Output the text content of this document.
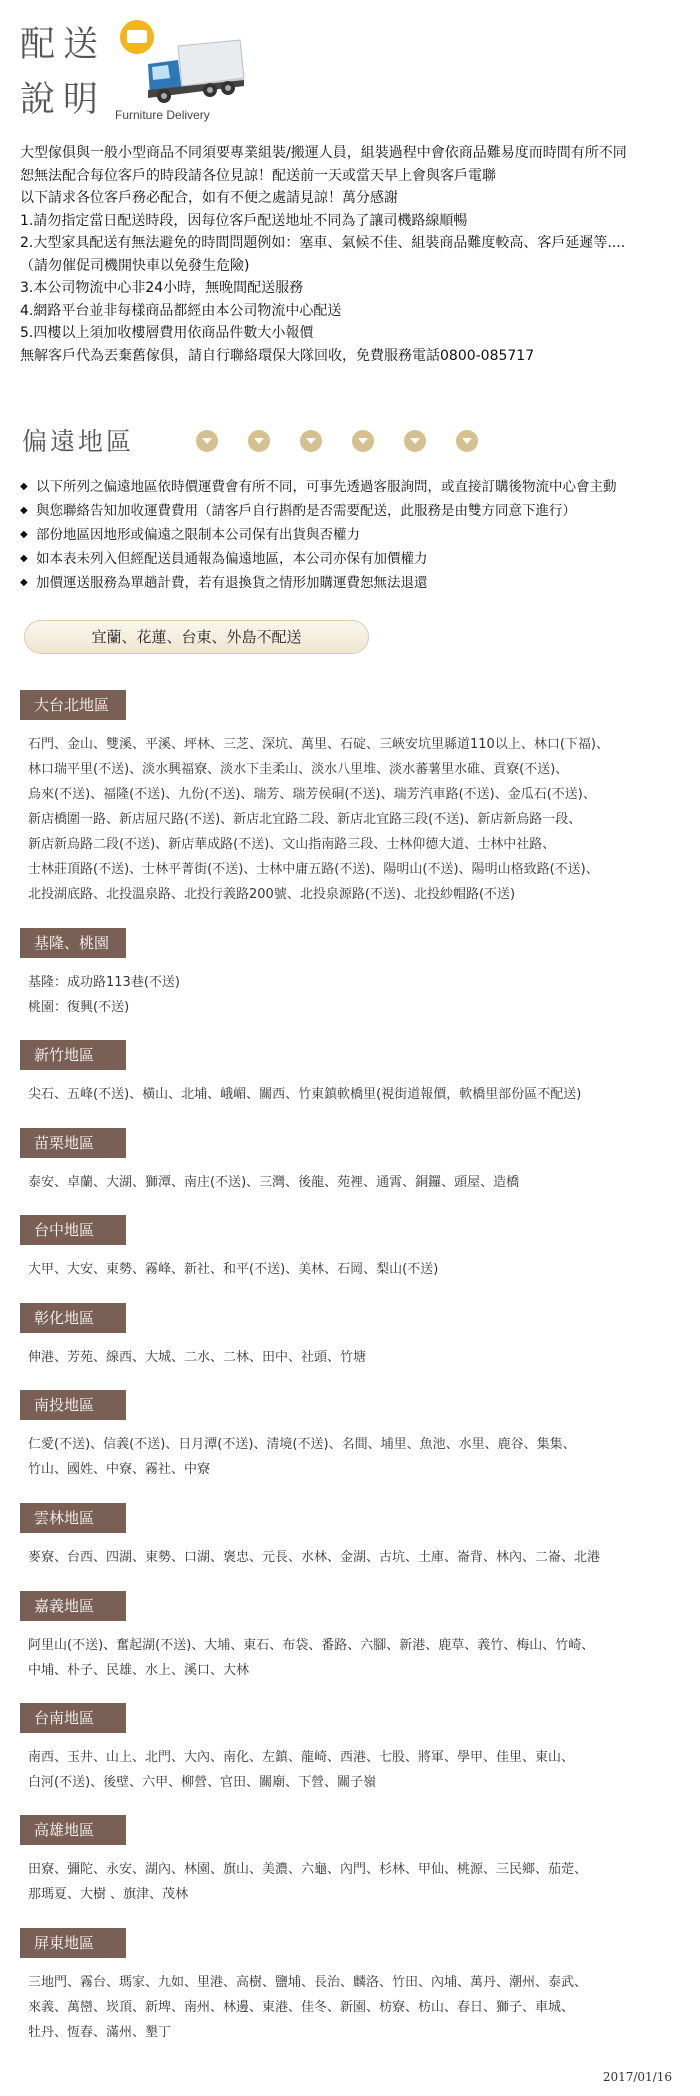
配送
說明 Furniture Delivery

大型傢俱與一般小型商品不同須要專業組裝/搬運人員，組裝過程中會依商品難易度而時間有所不同

恕無法配合每位客戶的時段請各位見諒！配送前一天或當天早上會與客戶電聯

以下請求各位客戶務必配合，如有不便之處請見諒！萬分感謝

1.請勿指定當日配送時段，因每位客戶配送地址不同為了讓司機路線順暢

2.大型家具配送有無法避免的時間問題例如：塞車、氣候不佳、組裝商品難度較高、客戶延遲等....

（請勿催促司機開快車以免發生危險)

3.本公司物流中心非24小時，無晚間配送服務

4.網路平台並非每樣商品都經由本公司物流中心配送

5.四樓以上須加收樓層費用依商品件數大小報價

無解客戶代為丟棄舊傢俱，請自行聯絡環保大隊回收，免費服務電話0800-085717

偏遠地區
◆ 以下所列之偏遠地區依時價運費會有所不同，可事先透過客服詢問，或直接訂購後物流中心會主動
◆ 與您聯絡告知加收運費費用（請客戶自行斟酌是否需要配送，此服務是由雙方同意下進行）
◆ 部份地區因地形或偏遠之限制本公司保有出貨與否權力
◆ 如本表未列入但經配送員通報為偏遠地區，本公司亦保有加價權力
◆ 加價運送服務為單趟計費，若有退換貨之情形加購運費恕無法退還
宜蘭、花蓮、台東、外島不配送
大台北地區

石門、金山、雙溪、平溪、坪林、三芝、深坑、萬里、石碇、三峽安坑里縣道110以上、林口(下福)、

林口瑞平里(不送)、淡水興福寮、淡水下圭柔山、淡水八里堆、淡水蕃薯里水碓、貢寮(不送)、

烏來(不送)、福隆(不送)、九份(不送)、瑞芳、瑞芳侯硐(不送)、瑞芳汽車路(不送)、金瓜石(不送)、

新店橋圍一路、新店屈尺路(不送)、新店北宜路二段、新店北宜路三段(不送)、新店新烏路一段、

新店新烏路二段(不送)、新店華成路(不送)、文山指南路三段、士林仰德大道、士林中社路、

士林莊頂路(不送)、士林平菁街(不送)、士林中庸五路(不送)、陽明山(不送)、陽明山格致路(不送)、

北投湖底路、北投溫泉路、北投行義路200號、北投泉源路(不送)、北投紗帽路(不送)

基隆、桃園

基隆：成功路113巷(不送)

桃園：復興(不送)

新竹地區

尖石、五峰(不送)、橫山、北埔、峨嵋、關西、竹東鎮軟橋里(視街道報價，軟橋里部份區不配送)

苗栗地區

泰安、卓蘭、大湖、獅潭、南庄(不送)、三灣、後龍、苑裡、通霄、銅鑼、頭屋、造橋

台中地區

大甲、大安、東勢、霧峰、新社、和平(不送)、美林、石岡、梨山(不送)

彰化地區

伸港、芳苑、線西、大城、二水、二林、田中、社頭、竹塘

南投地區

仁愛(不送)、信義(不送)、日月潭(不送)、清境(不送)、名間、埔里、魚池、水里、鹿谷、集集、

竹山、國姓、中寮、霧社、中寮

雲林地區

麥寮、台西、四湖、東勢、口湖、褒忠、元長、水林、金湖、古坑、土庫、崙背、林內、二崙、北港

嘉義地區

阿里山(不送)、奮起湖(不送)、大埔、東石、布袋、番路、六腳、新港、鹿草、義竹、梅山、竹崎、

中埔、朴子、民雄、水上、溪口、大林

台南地區

南西、玉井、山上、北門、大內、南化、左鎮、龍崎、西港、七股、將軍、學甲、佳里、東山、

白河(不送)、後壁、六甲、柳營、官田、關廟、下營、關子嶺

高雄地區

田寮、彌陀、永安、湖內、林園、旗山、美濃、六龜、內門、杉林、甲仙、桃源、三民鄉、茄萣、

那瑪夏、大樹 、旗津、茂林

屏東地區

三地門、霧台、瑪家、九如、里港、高樹、鹽埔、長治、麟洛、竹田、內埔、萬丹、潮州、泰武、

來義、萬巒、崁頂、新埤、南州、林邊、東港、佳冬、新園、枋寮、枋山、春日、獅子、車城、

牡丹、恆春、滿州、墾丁

2017/01/16
